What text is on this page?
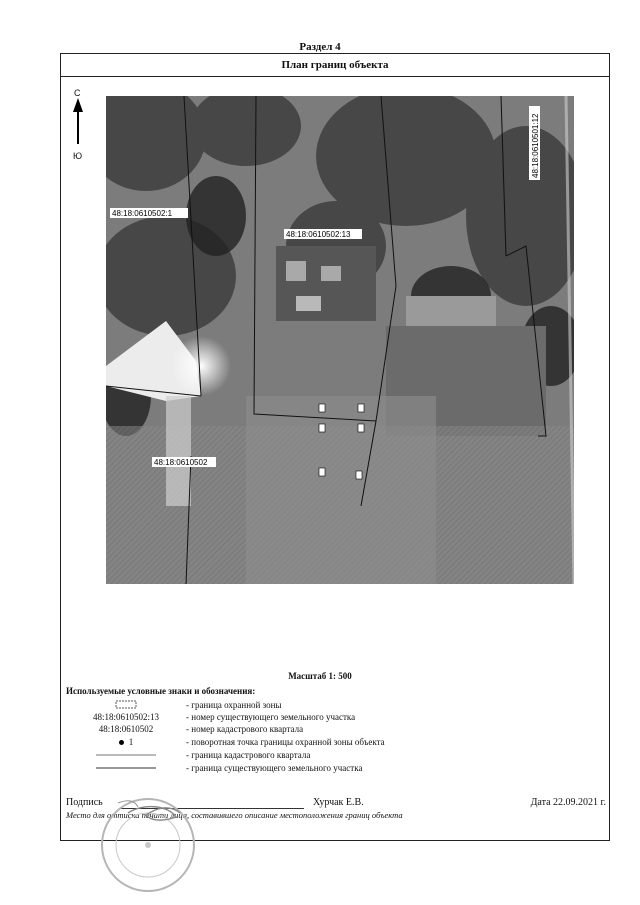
Раздел 4
План границ объекта
С
Ю
48:18:0610502:1
48:18:0610502:13
48:18:0610502
48:18:0610501:12
Масштаб 1: 500
Используемые условные знаки и обозначения:
- граница охранной зоны
48:18:0610502:13	- номер существующего земельного участка
48:18:0610502	- номер кадастрового квартала
1	- поворотная точка границы охранной зоны объекта
- граница кадастрового квартала
- граница существующего земельного участка
Подпись	Хурчак Е.В.	Дата 22.09.2021 г.
Место для оттиска печати лица, составившего описание местоположения границ объекта
